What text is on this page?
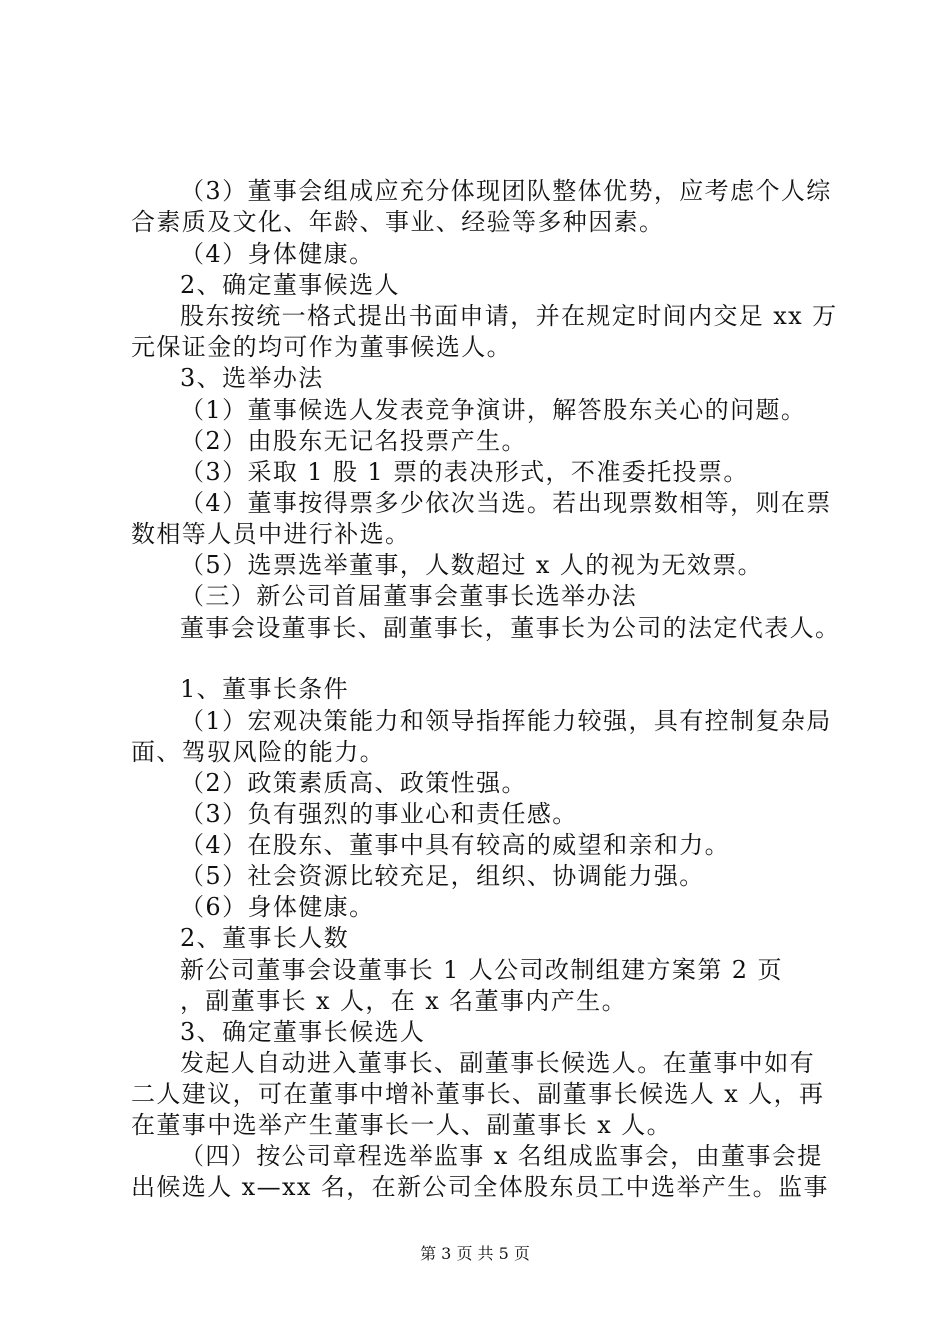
（3）董事会组成应充分体现团队整体优势，应考虑个人综
合素质及文化、年龄、事业、经验等多种因素。
（4）身体健康。
2、确定董事候选人
股东按统一格式提出书面申请，并在规定时间内交足 xx 万
元保证金的均可作为董事候选人。
3、选举办法
（1）董事候选人发表竞争演讲，解答股东关心的问题。
（2）由股东无记名投票产生。
（3）采取 1 股 1 票的表决形式，不准委托投票。
（4）董事按得票多少依次当选。若出现票数相等，则在票
数相等人员中进行补选。
（5）选票选举董事，人数超过 x 人的视为无效票。
（三）新公司首届董事会董事长选举办法
董事会设董事长、副董事长，董事长为公司的法定代表人。
1、董事长条件
（1）宏观决策能力和领导指挥能力较强，具有控制复杂局
面、驾驭风险的能力。
（2）政策素质高、政策性强。
（3）负有强烈的事业心和责任感。
（4）在股东、董事中具有较高的威望和亲和力。
（5）社会资源比较充足，组织、协调能力强。
（6）身体健康。
2、董事长人数
新公司董事会设董事长 1 人公司改制组建方案第 2 页
，副董事长 x 人，在 x 名董事内产生。
3、确定董事长候选人
发起人自动进入董事长、副董事长候选人。在董事中如有
二人建议，可在董事中增补董事长、副董事长候选人 x 人，再
在董事中选举产生董事长一人、副董事长 x 人。
（四）按公司章程选举监事 x 名组成监事会，由董事会提
出候选人 x—xx 名，在新公司全体股东员工中选举产生。监事
第 3 页 共 5 页
